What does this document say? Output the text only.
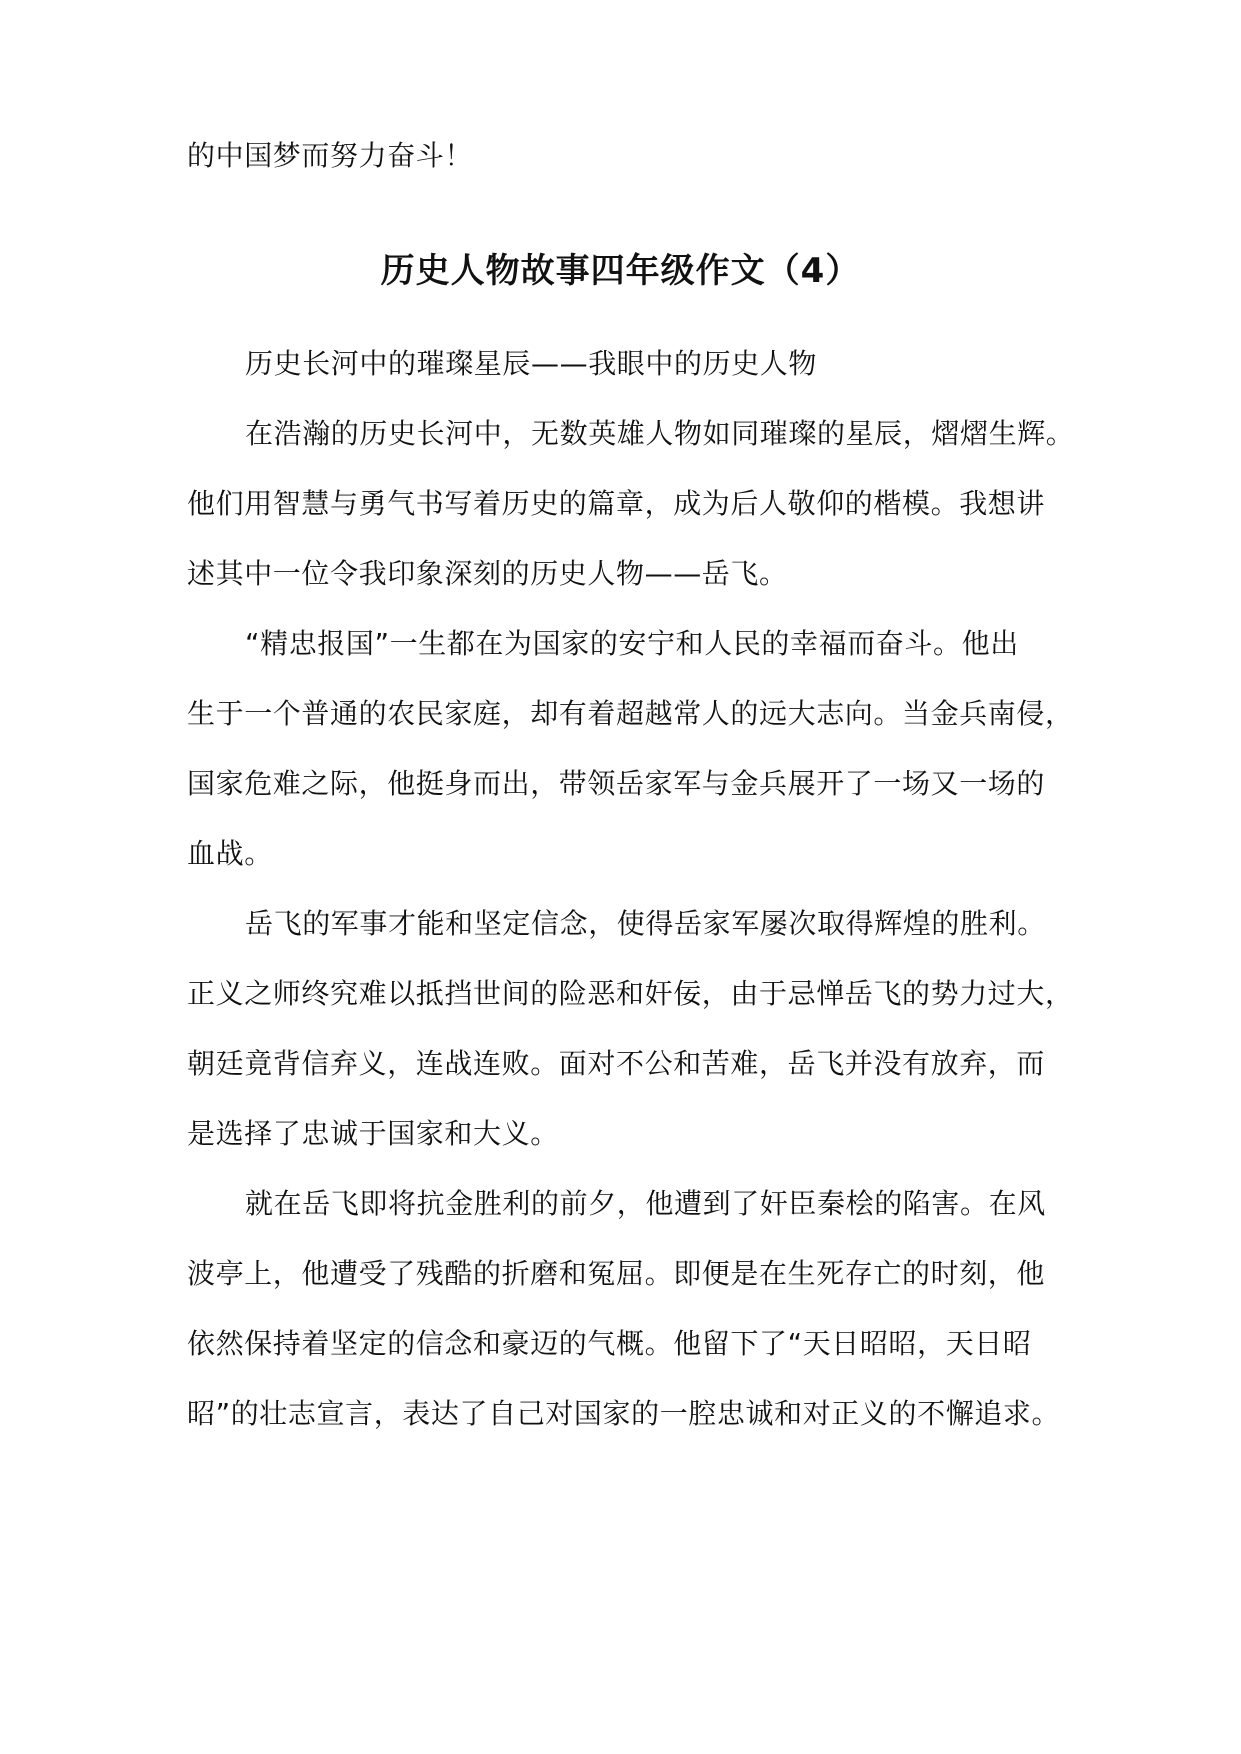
的中国梦而努力奋斗！
历史人物故事四年级作文（4）
历史长河中的璀璨星辰——我眼中的历史人物
在浩瀚的历史长河中，无数英雄人物如同璀璨的星辰，熠熠生辉。
他们用智慧与勇气书写着历史的篇章，成为后人敬仰的楷模。我想讲
述其中一位令我印象深刻的历史人物——岳飞。
“精忠报国”一生都在为国家的安宁和人民的幸福而奋斗。他出
生于一个普通的农民家庭，却有着超越常人的远大志向。当金兵南侵，
国家危难之际，他挺身而出，带领岳家军与金兵展开了一场又一场的
血战。
岳飞的军事才能和坚定信念，使得岳家军屡次取得辉煌的胜利。
正义之师终究难以抵挡世间的险恶和奸佞，由于忌惮岳飞的势力过大，
朝廷竟背信弃义，连战连败。面对不公和苦难，岳飞并没有放弃，而
是选择了忠诚于国家和大义。
就在岳飞即将抗金胜利的前夕，他遭到了奸臣秦桧的陷害。在风
波亭上，他遭受了残酷的折磨和冤屈。即便是在生死存亡的时刻，他
依然保持着坚定的信念和豪迈的气概。他留下了“天日昭昭，天日昭
昭”的壮志宣言，表达了自己对国家的一腔忠诚和对正义的不懈追求。
